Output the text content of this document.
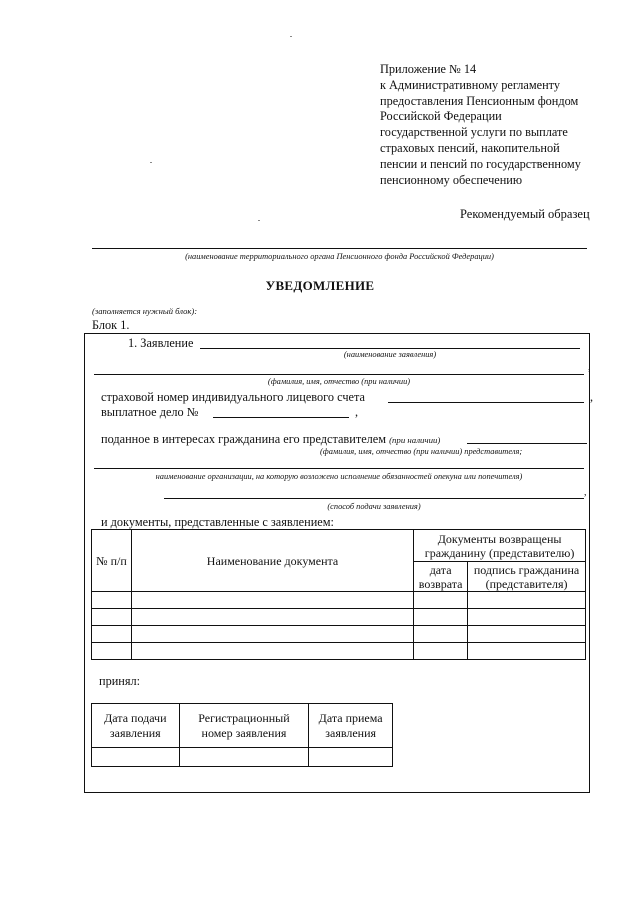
Приложение № 14
к Административному регламенту
предоставления Пенсионным фондом
Российской Федерации
государственной услуги по выплате
страховых пенсий, накопительной
пенсии и пенсий по государственному
пенсионному обеспечению
Рекомендуемый образец
(наименование территориального органа Пенсионного фонда Российской Федерации)
УВЕДОМЛЕНИЕ
(заполняется нужный блок):
Блок 1.
1. Заявление
(наименование заявления)
,
(фамилия, имя, отчество (при наличии)
страховой номер индивидуального лицевого счета	,
выплатное дело №	,
поданное в интересах гражданина его представителем (при наличии)
(фамилия, имя, отчество (при наличии) представителя;
наименование организации, на которую возложено исполнение обязанностей опекуна или попечителя)
,
(способ подачи заявления)
и документы, представленные с заявлением:
№ п/п	Наименование документа	Документы возвращены гражданину (представителю)	
		дата возврата	подпись гражданина (представителя)

принял:
Дата подачи заявления	Регистрационный номер заявления	Дата приема заявления
